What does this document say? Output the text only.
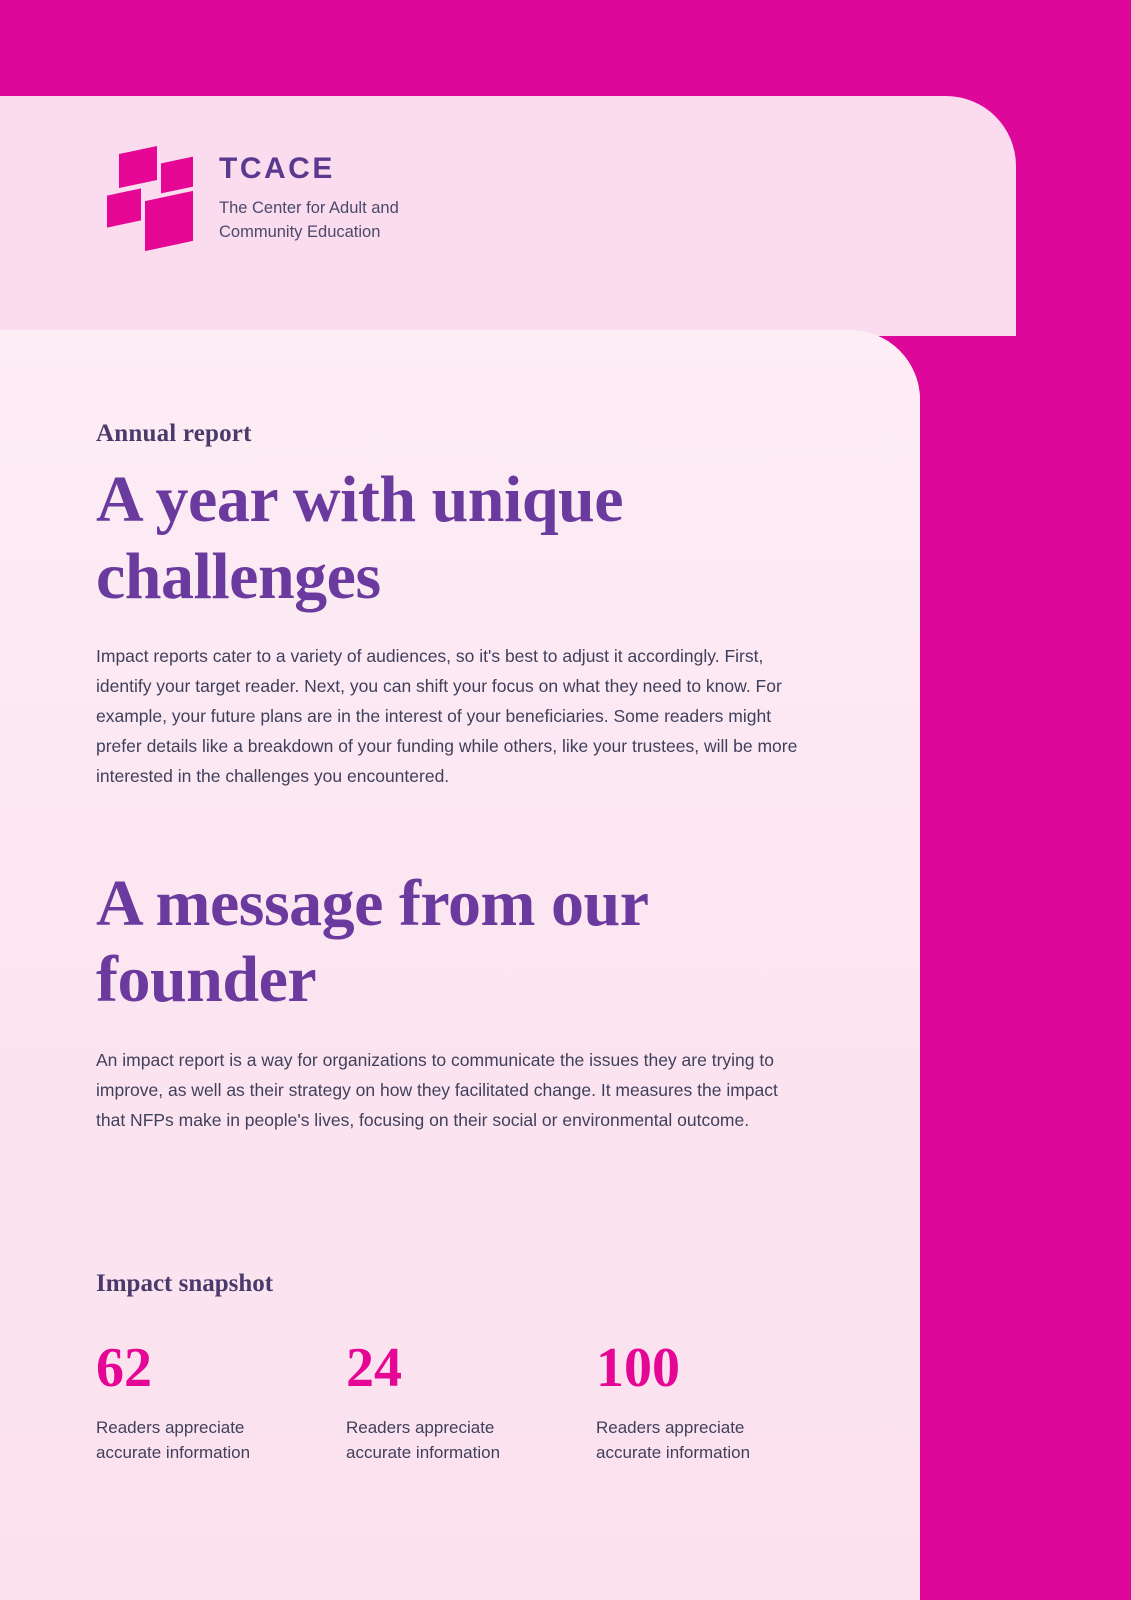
TCACE
The Center for Adult and Community Education

Annual report

A year with unique challenges

Impact reports cater to a variety of audiences, so it's best to adjust it accordingly. First, identify your target reader. Next, you can shift your focus on what they need to know. For example, your future plans are in the interest of your beneficiaries. Some readers might prefer details like a breakdown of your funding while others, like your trustees, will be more interested in the challenges you encountered.

A message from our founder

An impact report is a way for organizations to communicate the issues they are trying to improve, as well as their strategy on how they facilitated change. It measures the impact that NFPs make in people's lives, focusing on their social or environmental outcome.

Impact snapshot

62
Readers appreciate accurate information
24
Readers appreciate accurate information
100
Readers appreciate accurate information
